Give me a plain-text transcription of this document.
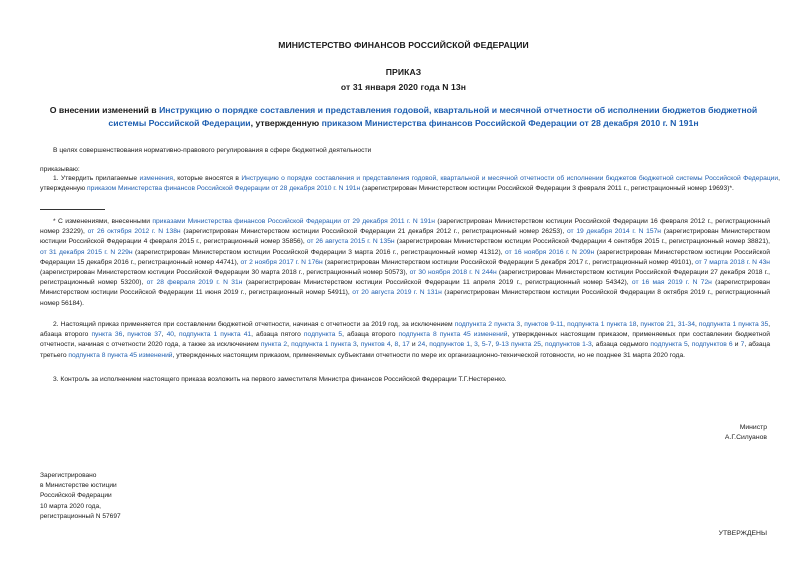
МИНИСТЕРСТВО ФИНАНСОВ РОССИЙСКОЙ ФЕДЕРАЦИИ
ПРИКАЗ
от 31 января 2020 года N 13н
О внесении изменений в Инструкцию о порядке составления и представления годовой, квартальной и месячной отчетности об исполнении бюджетов бюджетной системы Российской Федерации, утвержденную приказом Министерства финансов Российской Федерации от 28 декабря 2010 г. N 191н
В целях совершенствования нормативно-правового регулирования в сфере бюджетной деятельности
приказываю:
1. Утвердить прилагаемые изменения, которые вносятся в Инструкцию о порядке составления и представления годовой, квартальной и месячной отчетности об исполнении бюджетов бюджетной системы Российской Федерации, утвержденную приказом Министерства финансов Российской Федерации от 28 декабря 2010 г. N 191н (зарегистрирован Министерством юстиции Российской Федерации 3 февраля 2011 г., регистрационный номер 19693)*.
* С изменениями, внесенными приказами Министерства финансов Российской Федерации от 29 декабря 2011 г. N 191н (зарегистрирован Министерством юстиции Российской Федерации 16 февраля 2012 г., регистрационный номер 23229), от 26 октября 2012 г. N 138н (зарегистрирован Министерством юстиции Российской Федерации 21 декабря 2012 г., регистрационный номер 26253), от 19 декабря 2014 г. N 157н (зарегистрирован Министерством юстиции Российской Федерации 4 февраля 2015 г., регистрационный номер 35856), от 26 августа 2015 г. N 135н (зарегистрирован Министерством юстиции Российской Федерации 4 сентября 2015 г., регистрационный номер 38821), от 31 декабря 2015 г. N 229н (зарегистрирован Министерством юстиции Российской Федерации 3 марта 2016 г., регистрационный номер 41312), от 16 ноября 2016 г. N 209н (зарегистрирован Министерством юстиции Российской Федерации 15 декабря 2016 г., регистрационный номер 44741), от 2 ноября 2017 г. N 176н (зарегистрирован Министерством юстиции Российской Федерации 5 декабря 2017 г., регистрационный номер 49101), от 7 марта 2018 г. N 43н (зарегистрирован Министерством юстиции Российской Федерации 30 марта 2018 г., регистрационный номер 50573), от 30 ноября 2018 г. N 244н (зарегистрирован Министерством юстиции Российской Федерации 27 декабря 2018 г., регистрационный номер 53200), от 28 февраля 2019 г. N 31н (зарегистрирован Министерством юстиции Российской Федерации 11 апреля 2019 г., регистрационный номер 54342), от 16 мая 2019 г. N 72н (зарегистрирован Министерством юстиции Российской Федерации 11 июня 2019 г., регистрационный номер 54911), от 20 августа 2019 г. N 131н (зарегистрирован Министерством юстиции Российской Федерации 8 октября 2019 г., регистрационный номер 56184).
2. Настоящий приказ применяется при составлении бюджетной отчетности, начиная с отчетности за 2019 год, за исключением подпункта 2 пункта 3, пунктов 9-11, подпункта 1 пункта 18, пунктов 21, 31-34, подпункта 1 пункта 35, абзаца второго пункта 36, пунктов 37, 40, подпункта 1 пункта 41, абзаца пятого подпункта 5, абзаца второго подпункта 8 пункта 45 изменений, утвержденных настоящим приказом, применяемых при составлении бюджетной отчетности, начиная с отчетности 2020 года, а также за исключением пункта 2, подпункта 1 пункта 3, пунктов 4, 8, 17 и 24, подпунктов 1, 3, 5-7, 9-13 пункта 25, подпунктов 1-3, абзаца седьмого подпункта 5, подпунктов 6 и 7, абзаца третьего подпункта 8 пункта 45 изменений, утвержденных настоящим приказом, применяемых субъектами отчетности по мере их организационно-технической готовности, но не позднее 31 марта 2020 года.
3. Контроль за исполнением настоящего приказа возложить на первого заместителя Министра финансов Российской Федерации Т.Г.Нестеренко.
Министр
А.Г.Силуанов
Зарегистрировано
в Министерстве юстиции
Российской Федерации
10 марта 2020 года,
регистрационный N 57697
УТВЕРЖДЕНЫ
